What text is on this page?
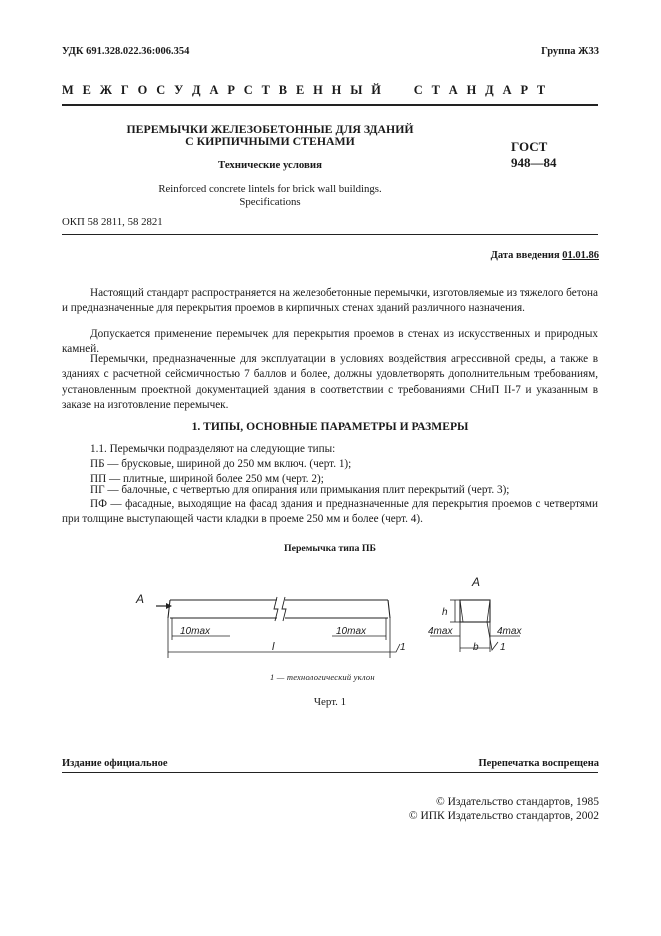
УДК 691.328.022.36:006.354	Группа Ж33
М Е Ж Г О С У Д А Р С Т В Е Н Н Ы Й     С Т А Н Д А Р Т
ПЕРЕМЫЧКИ ЖЕЛЕЗОБЕТОННЫЕ ДЛЯ ЗДАНИЙ
С КИРПИЧНЫМИ СТЕНАМИ
Технические условия
Reinforced concrete lintels for brick wall buildings.
Specifications
ГОСТ
948—84
ОКП 58 2811, 58 2821
Дата введения 01.01.86
Настоящий стандарт распространяется на железобетонные перемычки, изготовляемые из тяжелого бетона и предназначенные для перекрытия проемов в кирпичных стенах зданий различного назначения.
Допускается применение перемычек для перекрытия проемов в стенах из искусственных и природных камней.
Перемычки, предназначенные для эксплуатации в условиях воздействия агрессивной среды, а также в зданиях с расчетной сейсмичностью 7 баллов и более, должны удовлетворять дополнительным требованиям, установленным проектной документацией здания в соответствии с требованиями СНиП II-7 и указанным в заказе на изготовление перемычек.
1. ТИПЫ, ОСНОВНЫЕ ПАРАМЕТРЫ И РАЗМЕРЫ
1.1. Перемычки подразделяют на следующие типы:
ПБ — брусковые, шириной до 250 мм включ. (черт. 1);
ПП — плитные, шириной более 250 мм (черт. 2);
ПГ — балочные, с четвертью для опирания или примыкания плит перекрытий (черт. 3);
ПФ — фасадные, выходящие на фасад здания и предназначенные для перекрытия проемов с четвертями при толщине выступающей части кладки в проеме 250 мм и более (черт. 4).
Перемычка типа ПБ
А
10max	10max
l	1
А
h
4max	4max
b 1
1 — технологический уклон
Черт. 1
Издание официальное	Перепечатка воспрещена
© Издательство стандартов, 1985
© ИПК Издательство стандартов, 2002
